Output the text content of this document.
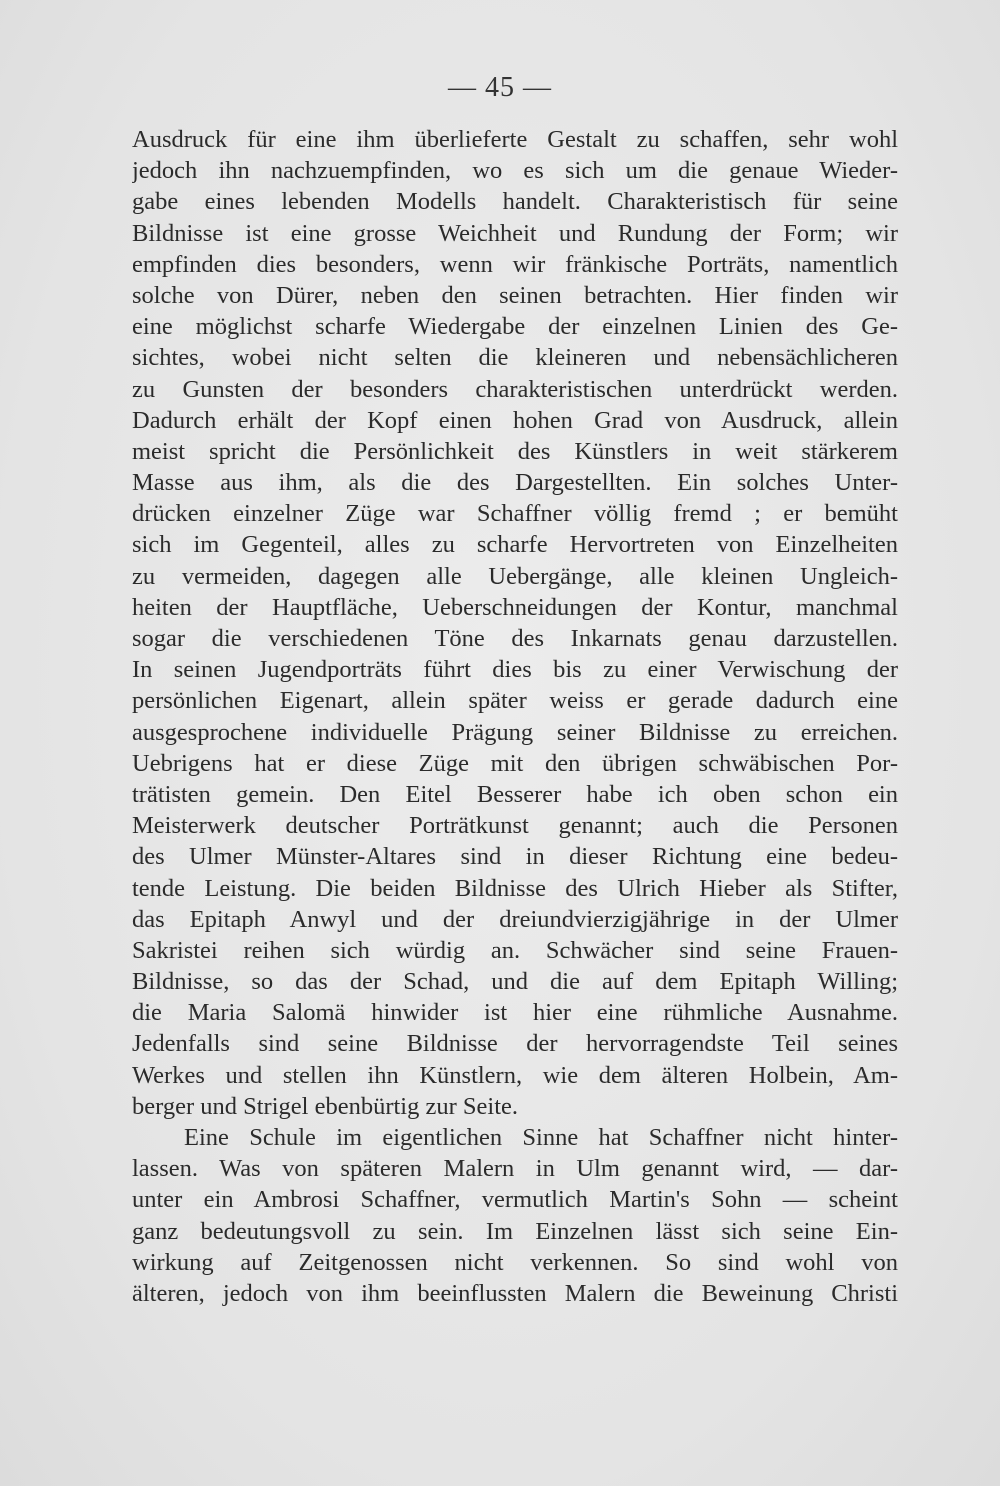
— 45 —
Ausdruck für eine ihm überlieferte Gestalt zu schaffen, sehr wohl
jedoch ihn nachzuempfinden, wo es sich um die genaue Wieder-
gabe eines lebenden Modells handelt. Charakteristisch für seine
Bildnisse ist eine grosse Weichheit und Rundung der Form; wir
empfinden dies besonders, wenn wir fränkische Porträts, namentlich
solche von Dürer, neben den seinen betrachten. Hier finden wir
eine möglichst scharfe Wiedergabe der einzelnen Linien des Ge-
sichtes, wobei nicht selten die kleineren und nebensächlicheren
zu Gunsten der besonders charakteristischen unterdrückt werden.
Dadurch erhält der Kopf einen hohen Grad von Ausdruck, allein
meist spricht die Persönlichkeit des Künstlers in weit stärkerem
Masse aus ihm, als die des Dargestellten. Ein solches Unter-
drücken einzelner Züge war Schaffner völlig fremd ; er bemüht
sich im Gegenteil, alles zu scharfe Hervortreten von Einzelheiten
zu vermeiden, dagegen alle Uebergänge, alle kleinen Ungleich-
heiten der Hauptfläche, Ueberschneidungen der Kontur, manchmal
sogar die verschiedenen Töne des Inkarnats genau darzustellen.
In seinen Jugendporträts führt dies bis zu einer Verwischung der
persönlichen Eigenart, allein später weiss er gerade dadurch eine
ausgesprochene individuelle Prägung seiner Bildnisse zu erreichen.
Uebrigens hat er diese Züge mit den übrigen schwäbischen Por-
trätisten gemein. Den Eitel Besserer habe ich oben schon ein
Meisterwerk deutscher Porträtkunst genannt; auch die Personen
des Ulmer Münster-Altares sind in dieser Richtung eine bedeu-
tende Leistung. Die beiden Bildnisse des Ulrich Hieber als Stifter,
das Epitaph Anwyl und der dreiundvierzigjährige in der Ulmer
Sakristei reihen sich würdig an. Schwächer sind seine Frauen-
Bildnisse, so das der Schad, und die auf dem Epitaph Willing;
die Maria Salomä hinwider ist hier eine rühmliche Ausnahme.
Jedenfalls sind seine Bildnisse der hervorragendste Teil seines
Werkes und stellen ihn Künstlern, wie dem älteren Holbein, Am-
berger und Strigel ebenbürtig zur Seite.
Eine Schule im eigentlichen Sinne hat Schaffner nicht hinter-
lassen. Was von späteren Malern in Ulm genannt wird, — dar-
unter ein Ambrosi Schaffner, vermutlich Martin's Sohn — scheint
ganz bedeutungsvoll zu sein. Im Einzelnen lässt sich seine Ein-
wirkung auf Zeitgenossen nicht verkennen. So sind wohl von
älteren, jedoch von ihm beeinflussten Malern die Beweinung Christi
